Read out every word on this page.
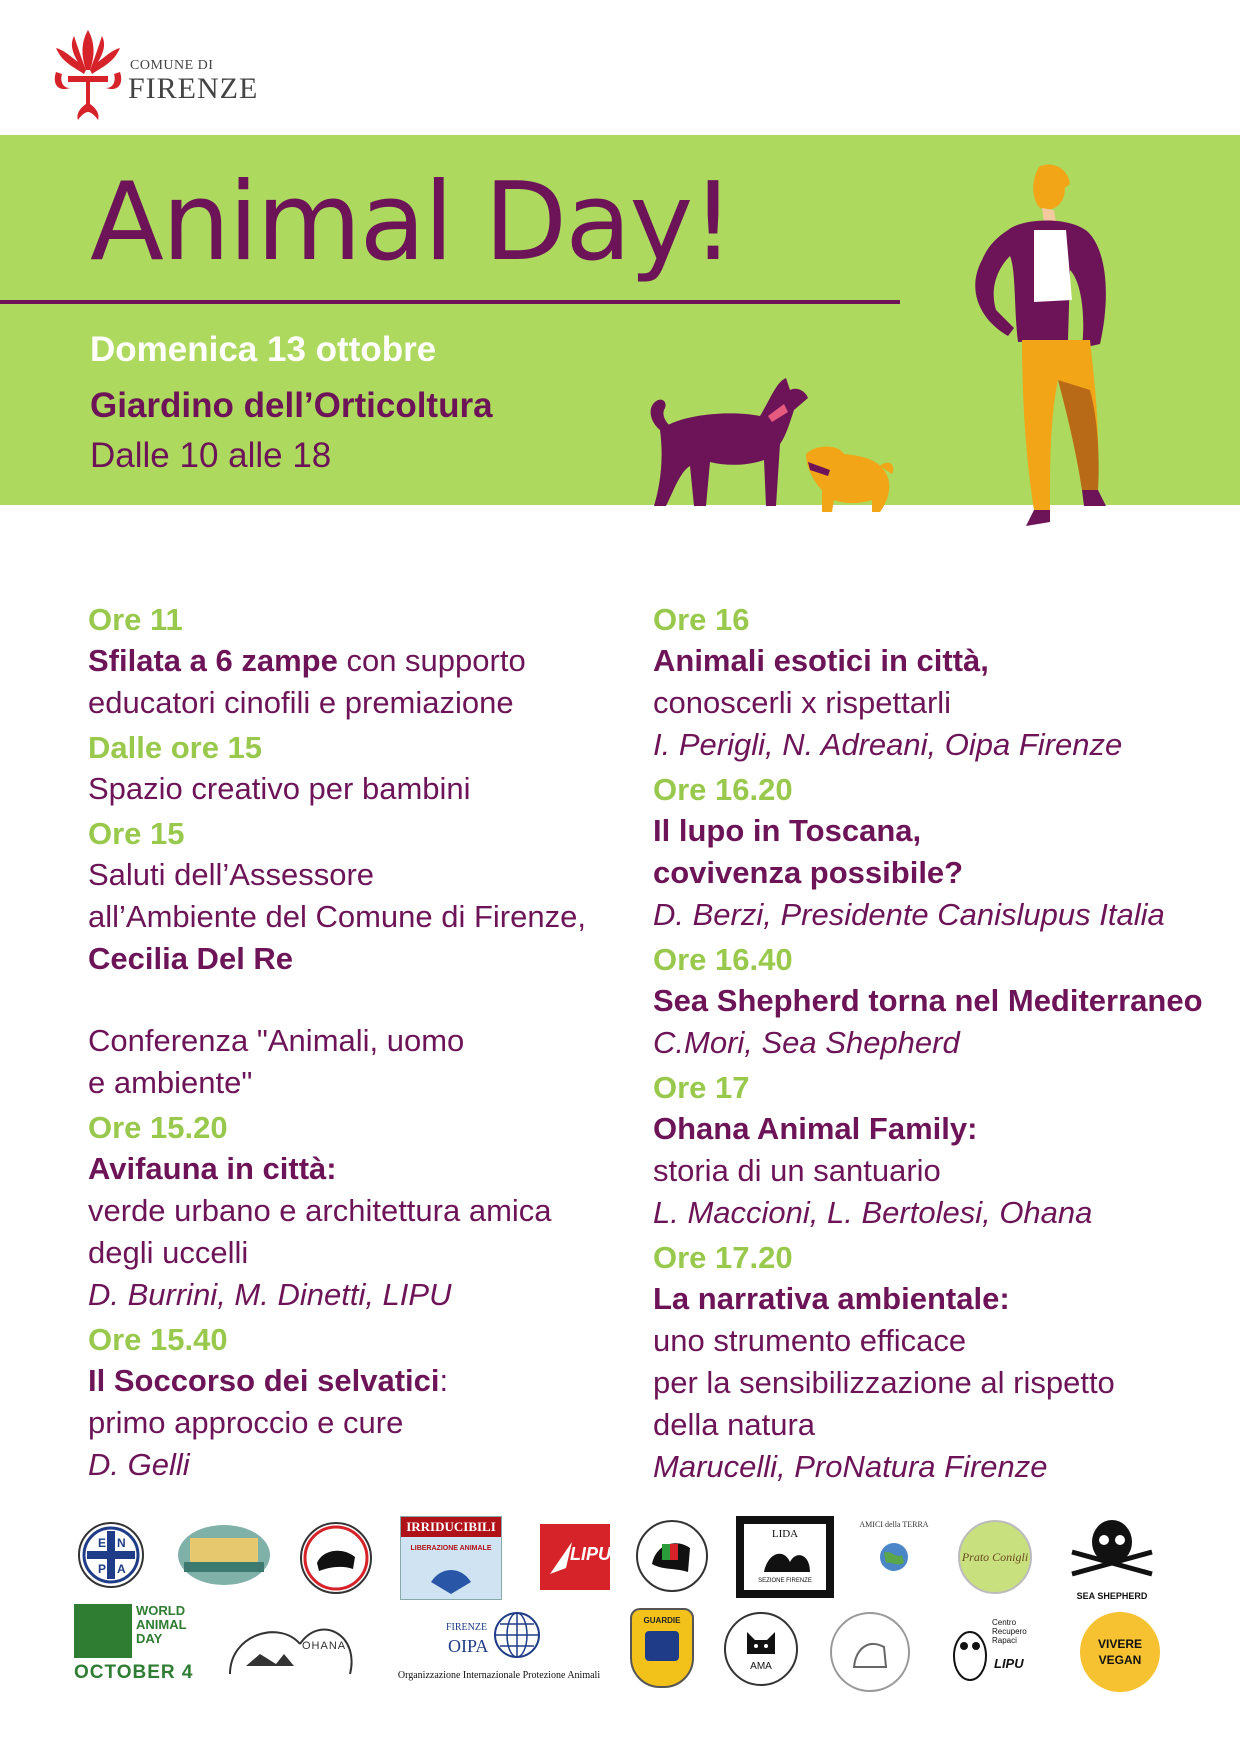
COMUNE DI
FIRENZE
Animal Day!
Domenica 13 ottobre
Giardino dell’Orticoltura
Dalle 10 alle 18
Ore 11
Sfilata a 6 zampe con supporto
educatori cinofili e premiazione
Dalle ore 15
Spazio creativo per bambini
Ore 15
Saluti dell’Assessore
all’Ambiente del Comune di Firenze,
Cecilia Del Re
Conferenza "Animali, uomo
e ambiente"
Ore 15.20
Avifauna in città:
verde urbano e architettura amica
degli uccelli
D. Burrini, M. Dinetti, LIPU
Ore 15.40
Il Soccorso dei selvatici:
primo approccio e cure
D. Gelli
Ore 16
Animali esotici in città,
conoscerli x rispettarli
I. Perigli, N. Adreani, Oipa Firenze
Ore 16.20
Il lupo in Toscana,
covivenza possibile?
D. Berzi, Presidente Canislupus Italia
Ore 16.40
Sea Shepherd torna nel Mediterraneo
C.Mori, Sea Shepherd
Ore 17
Ohana Animal Family:
storia di un santuario
L. Maccioni, L. Bertolesi, Ohana
Ore 17.20
La narrativa ambientale:
uno strumento efficace
per la sensibilizzazione al rispetto
della natura
Marucelli, ProNatura Firenze
E N
P A
IRRIDUCIBILI
LIBERAZIONE ANIMALE	LIPU
LIDA
SEZIONE FIRENZE
AMICI della TERRA
Prato Conigli
SEA SHEPHERD
WORLD
ANIMAL
DAY
OCTOBER 4
OHANA
FIRENZE
OIPA
Organizzazione Internazionale Protezione Animali
GUARDIE
AMA
Centro Recupero Rapaci
LIPU
VIVERE
VEGAN
